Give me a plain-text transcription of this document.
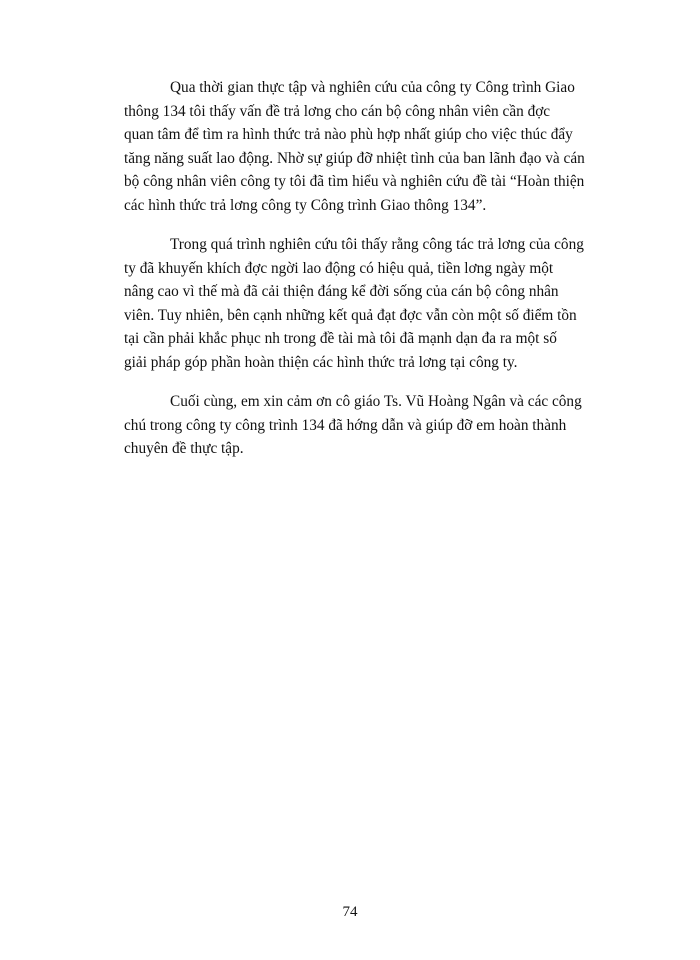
Qua thời gian thực tập và nghiên cứu của công ty Công trình Giao
thông 134 tôi thấy vấn đề trả lơng cho cán bộ công nhân viên cần đợc
quan tâm để tìm ra hình thức trả nào phù hợp nhất giúp cho việc thúc đẩy
tăng năng suất lao động. Nhờ sự giúp đỡ nhiệt tình của ban lãnh đạo và cán
bộ công nhân viên công ty tôi đã tìm hiểu và nghiên cứu đề tài “Hoàn thiện
các hình thức trả lơng công ty Công trình Giao thông 134”.

Trong quá trình nghiên cứu tôi thấy rằng công tác trả lơng của công
ty đã khuyến khích đợc ngời lao động có hiệu quả, tiền lơng ngày một
nâng cao vì thế mà đã cải thiện đáng kể đời sống của cán bộ công nhân
viên. Tuy nhiên, bên cạnh những kết quả đạt đợc vẫn còn một số điểm tồn
tại cần phải khắc phục nh trong đề tài mà tôi đã mạnh dạn đa ra một số
giải pháp góp phần hoàn thiện các hình thức trả lơng tại công ty.

Cuối cùng, em xin cảm ơn cô giáo Ts. Vũ Hoàng Ngân và các công
chú trong công ty công trình 134 đã hớng dẫn và giúp đỡ em hoàn thành
chuyên đề thực tập.

74
